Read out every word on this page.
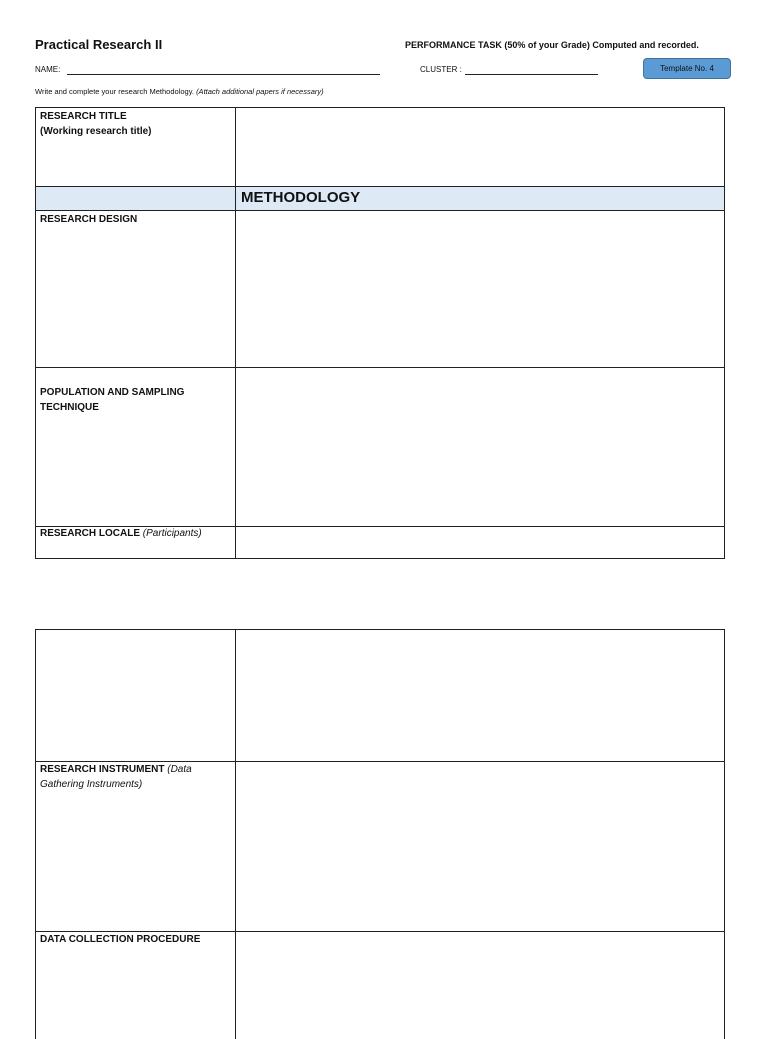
Practical Research II	PERFORMANCE TASK (50% of your Grade) Computed and recorded.
NAME:	CLUSTER :	Template No. 4
Write and complete your research Methodology. (Attach additional papers if necessary)
RESEARCH TITLE
(Working research title)
METHODOLOGY
RESEARCH DESIGN
POPULATION AND SAMPLING
TECHNIQUE
RESEARCH LOCALE (Participants)
RESEARCH INSTRUMENT (Data
Gathering Instruments)
DATA COLLECTION PROCEDURE
